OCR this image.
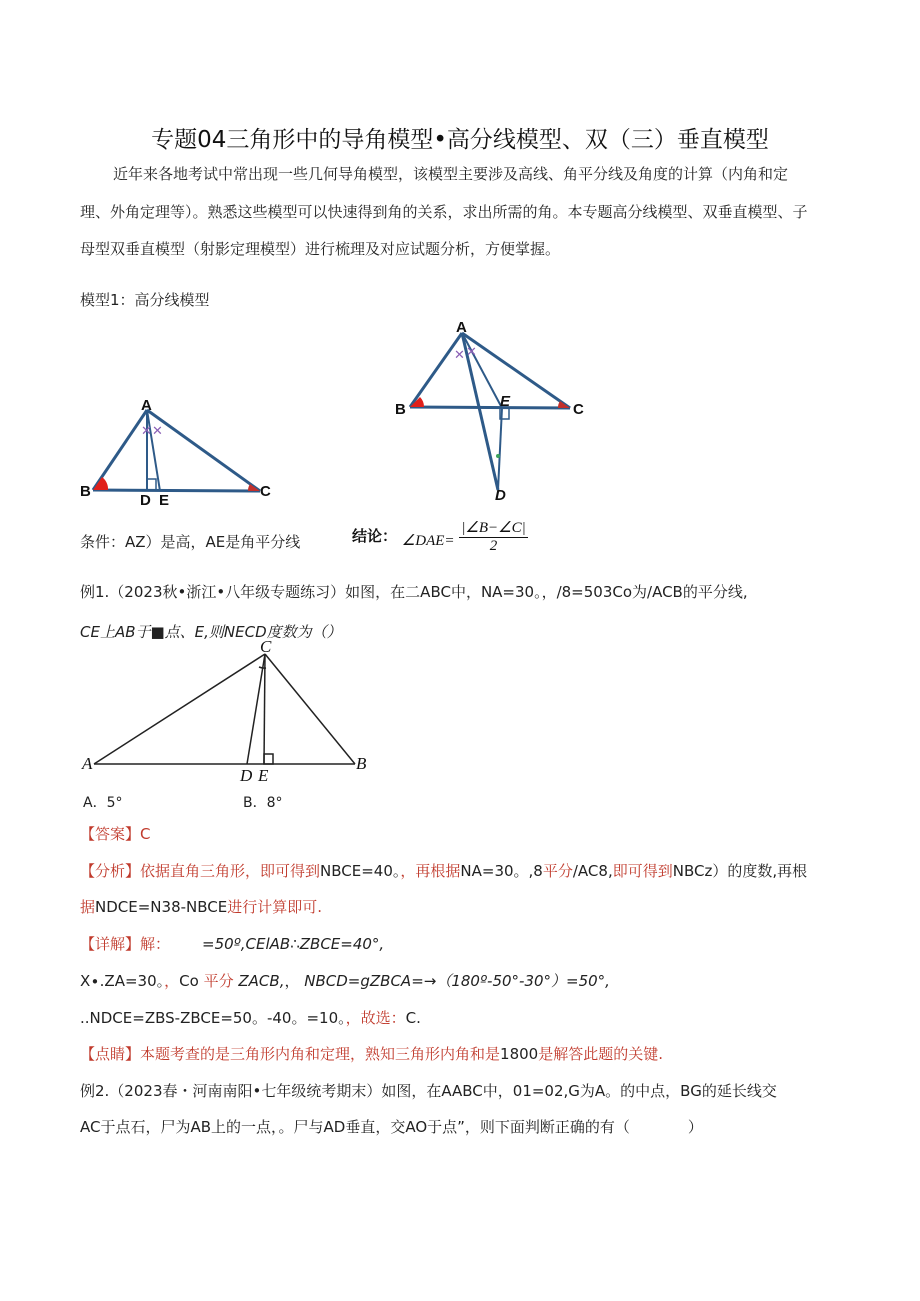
专题04三角形中的导角模型•高分线模型、双（三）垂直模型
近年来各地考试中常出现一些几何导角模型，该模型主要涉及高线、角平分线及角度的计算（内角和定
理、外角定理等）。熟悉这些模型可以快速得到角的关系，求出所需的角。本专题高分线模型、双垂直模型、子
母型双垂直模型（射影定理模型）进行梳理及对应试题分析，方便掌握。
模型1：高分线模型
✕ ✕
A
B	C
D E
✕ ✕
A
B	C
D
E
条件：AZ）是高，AE是角平分线	结论： ∠DAE= $\frac{|\angle B-\angle C|}{2}$
例1.（2023秋•浙江•八年级专题练习）如图，在二ABC中，NA=30。，/8=503Co为/ACB的平分线,
CE上AB于■点、E,则NECD度数为（）
C
A	B
D E
A．5°	B．8°
【答案】C
【分析】依据直角三角形，即可得到NBCE=40。，再根据NA=30。,8平分/AC8,即可得到NBCz）的度数,再根
据NDCE=N38-NBCE进行计算即可.
【详解】解： =50º,CElAB∴ZBCE=40°,
X∙.ZA=30。，Co 平分 ZACB,， NBCD=gZBCA=→（180º-50°-30°）=50°,
..NDCE=ZBS-ZBCE=50。-40。=10。，故选：C.
【点睛】本题考查的是三角形内角和定理，熟知三角形内角和是1800是解答此题的关键.
例2.（2023春・河南南阳•七年级统考期末）如图，在AABC中，01=02,G为A。的中点，BG的延长线交
AC于点石，尸为AB上的一点，。尸与AD垂直，交AO于点”，则下面判断正确的有（	）
